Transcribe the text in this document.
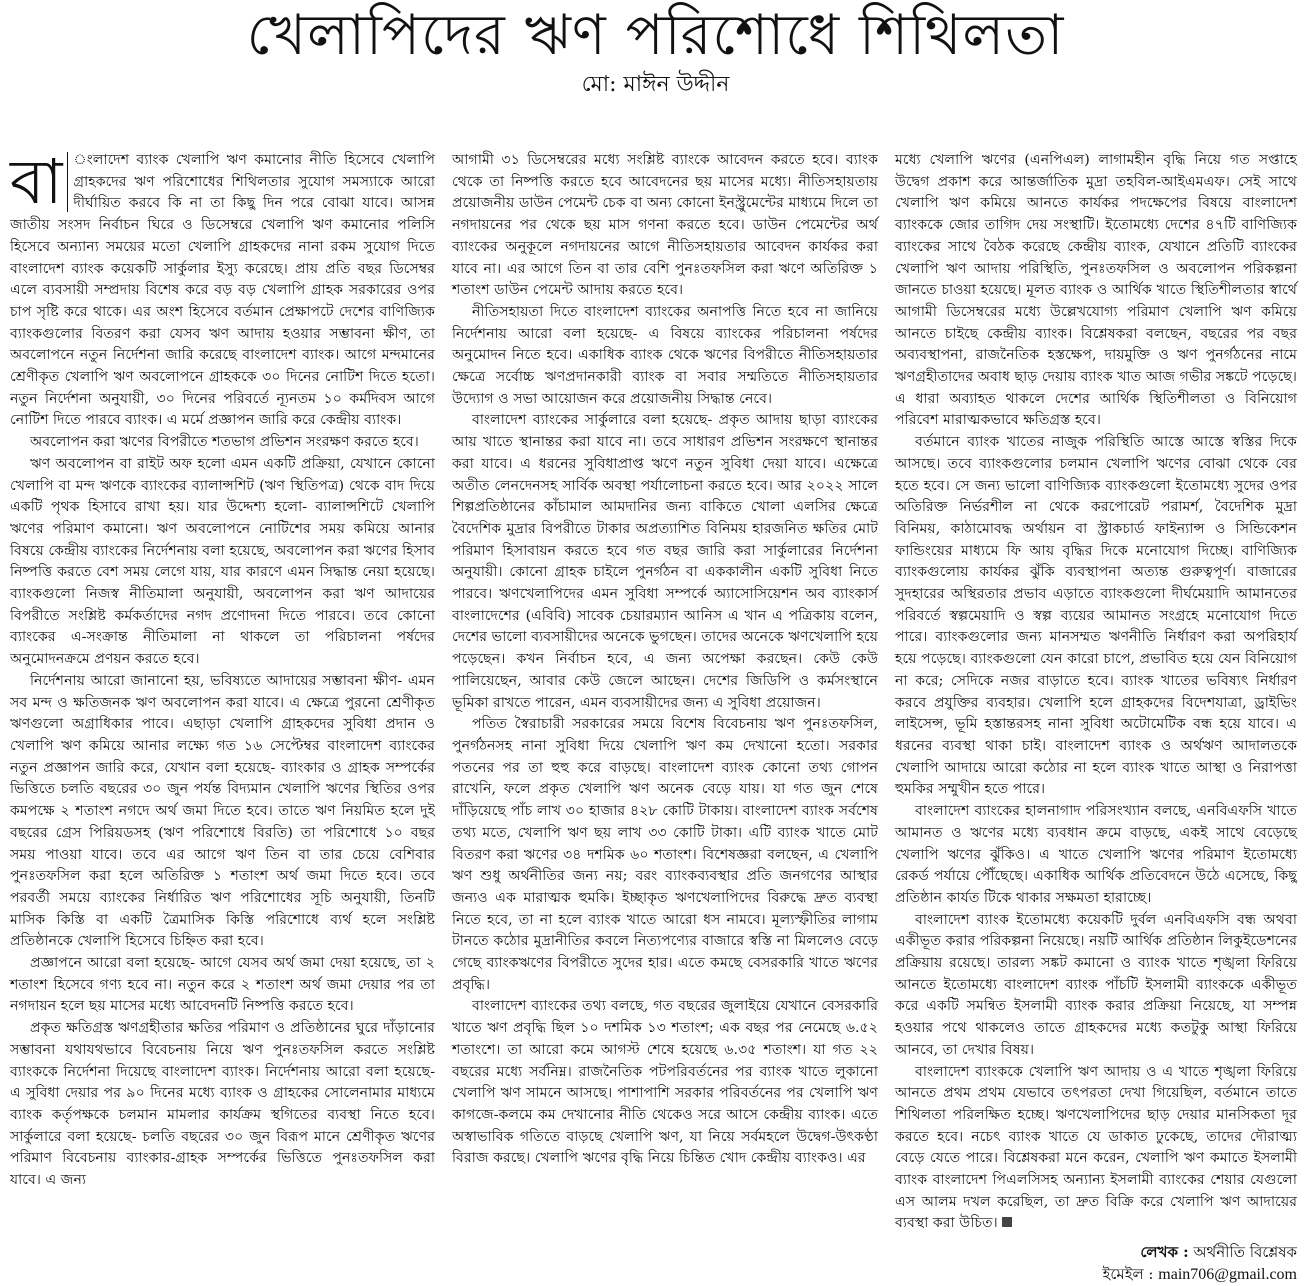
খেলাপিদের ঋণ পরিশোধে শিথিলতা
মো: মাঈন উদ্দীন

বা ংলাদেশ ব্যাংক খেলাপি ঋণ কমানোর নীতি হিসেবে খেলাপি গ্রাহকদের ঋণ পরিশোধের শিথিলতার সুযোগ সমস্যাকে আরো দীর্ঘায়িত করবে কি না তা কিছু দিন পরে বোঝা যাবে। আসন্ন জাতীয় সংসদ নির্বাচন ঘিরে ও ডিসেম্বরে খেলাপি ঋণ কমানোর পলিসি হিসেবে অন্যান্য সময়ের মতো খেলাপি গ্রাহকদের নানা রকম সুযোগ দিতে বাংলাদেশ ব্যাংক কয়েকটি সার্কুলার ইস্যু করেছে। প্রায় প্রতি বছর ডিসেম্বর এলে ব্যবসায়ী সম্প্রদায় বিশেষ করে বড় বড় খেলাপি গ্রাহক সরকারের ওপর চাপ সৃষ্টি করে থাকে। এর অংশ হিসেবে বর্তমান প্রেক্ষাপটে দেশের বাণিজ্যিক ব্যাংকগুলোর বিতরণ করা যেসব ঋণ আদায় হওয়ার সম্ভাবনা ক্ষীণ, তা অবলোপনে নতুন নির্দেশনা জারি করেছে বাংলাদেশ ব্যাংক। আগে মন্দমানের শ্রেণীকৃত খেলাপি ঋণ অবলোপনে গ্রাহককে ৩০ দিনের নোটিশ দিতে হতো। নতুন নির্দেশনা অনুযায়ী, ৩০ দিনের পরিবর্তে ন্যূনতম ১০ কর্মদিবস আগে নোটিশ দিতে পারবে ব্যাংক। এ মর্মে প্রজ্ঞাপন জারি করে কেন্দ্রীয় ব্যাংক।

অবলোপন করা ঋণের বিপরীতে শতভাগ প্রভিশন সংরক্ষণ করতে হবে।

ঋণ অবলোপন বা রাইট অফ হলো এমন একটি প্রক্রিয়া, যেখানে কোনো খেলাপি বা মন্দ ঋণকে ব্যাংকের ব্যালান্সশিট (ঋণ স্থিতিপত্র) থেকে বাদ দিয়ে একটি পৃথক হিসাবে রাখা হয়। যার উদ্দেশ্য হলো- ব্যালান্সশিটে খেলাপি ঋণের পরিমাণ কমানো। ঋণ অবলোপনে নোটিশের সময় কমিয়ে আনার বিষয়ে কেন্দ্রীয় ব্যাংকের নির্দেশনায় বলা হয়েছে, অবলোপন করা ঋণের হিসাব নিষ্পত্তি করতে বেশ সময় লেগে যায়, যার কারণে এমন সিদ্ধান্ত নেয়া হয়েছে। ব্যাংকগুলো নিজস্ব নীতিমালা অনুযায়ী, অবলোপন করা ঋণ আদায়ের বিপরীতে সংশ্লিষ্ট কর্মকর্তাদের নগদ প্রণোদনা দিতে পারবে। তবে কোনো ব্যাংকের এ-সংক্রান্ত নীতিমালা না থাকলে তা পরিচালনা পর্ষদের অনুমোদনক্রমে প্রণয়ন করতে হবে।

নির্দেশনায় আরো জানানো হয়, ভবিষ্যতে আদায়ের সম্ভাবনা ক্ষীণ- এমন সব মন্দ ও ক্ষতিজনক ঋণ অবলোপন করা যাবে। এ ক্ষেত্রে পুরনো শ্রেণীকৃত ঋণগুলো অগ্রাধিকার পাবে। এছাড়া খেলাপি গ্রাহকদের সুবিধা প্রদান ও খেলাপি ঋণ কমিয়ে আনার লক্ষ্যে গত ১৬ সেপ্টেম্বর বাংলাদেশ ব্যাংকের নতুন প্রজ্ঞাপন জারি করে, যেখান বলা হয়েছে- ব্যাংকার ও গ্রাহক সম্পর্কের ভিত্তিতে চলতি বছরের ৩০ জুন পর্যন্ত বিদ্যমান খেলাপি ঋণের স্থিতির ওপর কমপক্ষে ২ শতাংশ নগদে অর্থ জমা দিতে হবে। তাতে ঋণ নিয়মিত হলে দুই বছরের গ্রেস পিরিয়ডসহ (ঋণ পরিশোধে বিরতি) তা পরিশোধে ১০ বছর সময় পাওয়া যাবে। তবে এর আগে ঋণ তিন বা তার চেয়ে বেশিবার পুনঃতফসিল করা হলে অতিরিক্ত ১ শতাংশ অর্থ জমা দিতে হবে। তবে পরবর্তী সময়ে ব্যাংকের নির্ধারিত ঋণ পরিশোধের সূচি অনুযায়ী, তিনটি মাসিক কিস্তি বা একটি ত্রৈমাসিক কিস্তি পরিশোধে ব্যর্থ হলে সংশ্লিষ্ট প্রতিষ্ঠানকে খেলাপি হিসেবে চিহ্নিত করা হবে।

প্রজ্ঞাপনে আরো বলা হয়েছে- আগে যেসব অর্থ জমা দেয়া হয়েছে, তা ২ শতাংশ হিসেবে গণ্য হবে না। নতুন করে ২ শতাংশ অর্থ জমা দেয়ার পর তা নগদায়ন হলে ছয় মাসের মধ্যে আবেদনটি নিষ্পত্তি করতে হবে।

প্রকৃত ক্ষতিগ্রস্ত ঋণগ্রহীতার ক্ষতির পরিমাণ ও প্রতিষ্ঠানের ঘুরে দাঁড়ানোর সম্ভাবনা যথাযথভাবে বিবেচনায় নিয়ে ঋণ পুনঃতফসিল করতে সংশ্লিষ্ট ব্যাংককে নির্দেশনা দিয়েছে বাংলাদেশ ব্যাংক। নির্দেশনায় আরো বলা হয়েছে- এ সুবিধা দেয়ার পর ৯০ দিনের মধ্যে ব্যাংক ও গ্রাহকের সোলেনামার মাধ্যমে ব্যাংক কর্তৃপক্ষকে চলমান মামলার কার্যক্রম স্থগিতের ব্যবস্থা নিতে হবে। সার্কুলারে বলা হয়েছে- চলতি বছরের ৩০ জুন বিরূপ মানে শ্রেণীকৃত ঋণের পরিমাণ বিবেচনায় ব্যাংকার-গ্রাহক সম্পর্কের ভিত্তিতে পুনঃতফসিল করা যাবে। এ জন্য

আগামী ৩১ ডিসেম্বরের মধ্যে সংশ্লিষ্ট ব্যাংকে আবেদন করতে হবে। ব্যাংক থেকে তা নিষ্পত্তি করতে হবে আবেদনের ছয় মাসের মধ্যে। নীতিসহায়তায় প্রয়োজনীয় ডাউন পেমেন্ট চেক বা অন্য কোনো ইনস্ট্রুমেন্টের মাধ্যমে দিলে তা নগদায়নের পর থেকে ছয় মাস গণনা করতে হবে। ডাউন পেমেন্টের অর্থ ব্যাংকের অনুকূলে নগদায়নের আগে নীতিসহায়তার আবেদন কার্যকর করা যাবে না। এর আগে তিন বা তার বেশি পুনঃতফসিল করা ঋণে অতিরিক্ত ১ শতাংশ ডাউন পেমেন্ট আদায় করতে হবে।

নীতিসহায়তা দিতে বাংলাদেশ ব্যাংকের অনাপত্তি নিতে হবে না জানিয়ে নির্দেশনায় আরো বলা হয়েছে- এ বিষয়ে ব্যাংকের পরিচালনা পর্ষদের অনুমোদন নিতে হবে। একাধিক ব্যাংক থেকে ঋণের বিপরীতে নীতিসহায়তার ক্ষেত্রে সর্বোচ্চ ঋণপ্রদানকারী ব্যাংক বা সবার সম্মতিতে নীতিসহায়তার উদ্যোগ ও সভা আয়োজন করে প্রয়োজনীয় সিদ্ধান্ত নেবে।

বাংলাদেশ ব্যাংকের সার্কুলারে বলা হয়েছে- প্রকৃত আদায় ছাড়া ব্যাংকের আয় খাতে স্থানান্তর করা যাবে না। তবে সাধারণ প্রভিশন সংরক্ষণে স্থানান্তর করা যাবে। এ ধরনের সুবিধাপ্রাপ্ত ঋণে নতুন সুবিধা দেয়া যাবে। এক্ষেত্রে অতীত লেনদেনসহ সার্বিক অবস্থা পর্যালোচনা করতে হবে। আর ২০২২ সালে শিল্পপ্রতিষ্ঠানের কাঁচামাল আমদানির জন্য বাকিতে খোলা এলসির ক্ষেত্রে বৈদেশিক মুদ্রার বিপরীতে টাকার অপ্রত্যাশিত বিনিময় হারজনিত ক্ষতির মোট পরিমাণ হিসাবায়ন করতে হবে গত বছর জারি করা সার্কুলারের নির্দেশনা অনুযায়ী। কোনো গ্রাহক চাইলে পুনর্গঠন বা এককালীন একটি সুবিধা নিতে পারবে। ঋণখেলাপিদের এমন সুবিধা সম্পর্কে অ্যাসোসিয়েশন অব ব্যাংকার্স বাংলাদেশের (এবিবি) সাবেক চেয়ারম্যান আনিস এ খান এ পত্রিকায় বলেন, দেশের ভালো ব্যবসায়ীদের অনেকে ভুগছেন। তাদের অনেকে ঋণখেলাপি হয়ে পড়েছেন। কখন নির্বাচন হবে, এ জন্য অপেক্ষা করছেন। কেউ কেউ পালিয়েছেন, আবার কেউ জেলে আছেন। দেশের জিডিপি ও কর্মসংস্থানে ভূমিকা রাখতে পারেন, এমন ব্যবসায়ীদের জন্য এ সুবিধা প্রয়োজন।

পতিত স্বৈরাচারী সরকারের সময়ে বিশেষ বিবেচনায় ঋণ পুনঃতফসিল, পুনর্গঠনসহ নানা সুবিধা দিয়ে খেলাপি ঋণ কম দেখানো হতো। সরকার পতনের পর তা হুহু করে বাড়ছে। বাংলাদেশ ব্যাংক কোনো তথ্য গোপন রাখেনি, ফলে প্রকৃত খেলাপি ঋণ অনেক বেড়ে যায়। যা গত জুন শেষে দাঁড়িয়েছে পাঁচ লাখ ৩০ হাজার ৪২৮ কোটি টাকায়। বাংলাদেশ ব্যাংক সর্বশেষ তথ্য মতে, খেলাপি ঋণ ছয় লাখ ৩৩ কোটি টাকা। এটি ব্যাংক খাতে মোট বিতরণ করা ঋণের ৩৪ দশমিক ৬০ শতাংশ। বিশেষজ্ঞরা বলছেন, এ খেলাপি ঋণ শুধু অর্থনীতির জন্য নয়; বরং ব্যাংকব্যবস্থার প্রতি জনগণের আস্থার জন্যও এক মারাত্মক হুমকি। ইচ্ছাকৃত ঋণখেলাপিদের বিরুদ্ধে দ্রুত ব্যবস্থা নিতে হবে, তা না হলে ব্যাংক খাতে আরো ধস নামবে। মূল্যস্ফীতির লাগাম টানতে কঠোর মুদ্রানীতির কবলে নিত্যপণ্যের বাজারে স্বস্তি না মিললেও বেড়ে গেছে ব্যাংকঋণের বিপরীতে সুদের হার। এতে কমছে বেসরকারি খাতে ঋণের প্রবৃদ্ধি।

বাংলাদেশ ব্যাংকের তথ্য বলছে, গত বছরের জুলাইয়ে যেখানে বেসরকারি খাতে ঋণ প্রবৃদ্ধি ছিল ১০ দশমিক ১৩ শতাংশ; এক বছর পর নেমেছে ৬.৫২ শতাংশে। তা আরো কমে আগস্ট শেষে হয়েছে ৬.৩৫ শতাংশ। যা গত ২২ বছরের মধ্যে সর্বনিম্ন। রাজনৈতিক পটপরিবর্তনের পর ব্যাংক খাতে লুকানো খেলাপি ঋণ সামনে আসছে। পাশাপাশি সরকার পরিবর্তনের পর খেলাপি ঋণ কাগজে-কলমে কম দেখানোর নীতি থেকেও সরে আসে কেন্দ্রীয় ব্যাংক। এতে অস্বাভাবিক গতিতে বাড়ছে খেলাপি ঋণ, যা নিয়ে সর্বমহলে উদ্বেগ-উৎকণ্ঠা বিরাজ করছে। খেলাপি ঋণের বৃদ্ধি নিয়ে চিন্তিত খোদ কেন্দ্রীয় ব্যাংকও। এর

মধ্যে খেলাপি ঋণের (এনপিএল) লাগামহীন বৃদ্ধি নিয়ে গত সপ্তাহে উদ্বেগ প্রকাশ করে আন্তর্জাতিক মুদ্রা তহবিল-আইএমএফ। সেই সাথে খেলাপি ঋণ কমিয়ে আনতে কার্যকর পদক্ষেপের বিষয়ে বাংলাদেশ ব্যাংককে জোর তাগিদ দেয় সংস্থাটি। ইতোমধ্যে দেশের ৪৭টি বাণিজ্যিক ব্যাংকের সাথে বৈঠক করেছে কেন্দ্রীয় ব্যাংক, যেখানে প্রতিটি ব্যাংকের খেলাপি ঋণ আদায় পরিস্থিতি, পুনঃতফসিল ও অবলোপন পরিকল্পনা জানতে চাওয়া হয়েছে। মূলত ব্যাংক ও আর্থিক খাতে স্থিতিশীলতার স্বার্থে আগামী ডিসেম্বরের মধ্যে উল্লেখযোগ্য পরিমাণ খেলাপি ঋণ কমিয়ে আনতে চাইছে কেন্দ্রীয় ব্যাংক। বিশ্লেষকরা বলছেন, বছরের পর বছর অব্যবস্থাপনা, রাজনৈতিক হস্তক্ষেপ, দায়মুক্তি ও ঋণ পুনর্গঠনের নামে ঋণগ্রহীতাদের অবাধ ছাড় দেয়ায় ব্যাংক খাত আজ গভীর সঙ্কটে পড়েছে। এ ধারা অব্যাহত থাকলে দেশের আর্থিক স্থিতিশীলতা ও বিনিয়োগ পরিবেশ মারাত্মকভাবে ক্ষতিগ্রস্ত হবে।

বর্তমানে ব্যাংক খাতের নাজুক পরিস্থিতি আস্তে আস্তে স্বস্তির দিকে আসছে। তবে ব্যাংকগুলোর চলমান খেলাপি ঋণের বোঝা থেকে বের হতে হবে। সে জন্য ভালো বাণিজ্যিক ব্যাংকগুলো ইতোমধ্যে সুদের ওপর অতিরিক্ত নির্ভরশীল না থেকে করপোরেট পরামর্শ, বৈদেশিক মুদ্রা বিনিময়, কাঠামোবদ্ধ অর্থায়ন বা স্ট্রাকচার্ড ফাইন্যান্স ও সিন্ডিকেশন ফান্ডিংয়ের মাধ্যমে ফি আয় বৃদ্ধির দিকে মনোযোগ দিচ্ছে। বাণিজ্যিক ব্যাংকগুলোয় কার্যকর ঝুঁকি ব্যবস্থাপনা অত্যন্ত গুরুত্বপূর্ণ। বাজারের সুদহারের অস্থিরতার প্রভাব এড়াতে ব্যাংকগুলো দীর্ঘমেয়াদি আমানতের পরিবর্তে স্বল্পমেয়াদি ও স্বল্প ব্যয়ের আমানত সংগ্রহে মনোযোগ দিতে পারে। ব্যাংকগুলোর জন্য মানসম্মত ঋণনীতি নির্ধারণ করা অপরিহার্য হয়ে পড়েছে। ব্যাংকগুলো যেন কারো চাপে, প্রভাবিত হয়ে যেন বিনিয়োগ না করে; সেদিকে নজর বাড়াতে হবে। ব্যাংক খাতের ভবিষ্যৎ নির্ধারণ করবে প্রযুক্তির ব্যবহার। খেলাপি হলে গ্রাহকদের বিদেশযাত্রা, ড্রাইভিং লাইসেন্স, ভূমি হস্তান্তরসহ নানা সুবিধা অটোমেটিক বন্ধ হয়ে যাবে। এ ধরনের ব্যবস্থা থাকা চাই। বাংলাদেশ ব্যাংক ও অর্থঋণ আদালতকে খেলাপি আদায়ে আরো কঠোর না হলে ব্যাংক খাতে আস্থা ও নিরাপত্তা হুমকির সম্মুখীন হতে পারে।

বাংলাদেশ ব্যাংকের হালনাগাদ পরিসংখ্যান বলছে, এনবিএফসি খাতে আমানত ও ঋণের মধ্যে ব্যবধান ক্রমে বাড়ছে, একই সাথে বেড়েছে খেলাপি ঋণের ঝুঁকিও। এ খাতে খেলাপি ঋণের পরিমাণ ইতোমধ্যে রেকর্ড পর্যায়ে পৌঁছেছে। একাধিক আর্থিক প্রতিবেদনে উঠে এসেছে, কিছু প্রতিষ্ঠান কার্যত টিকে থাকার সক্ষমতা হারাচ্ছে।

বাংলাদেশ ব্যাংক ইতোমধ্যে কয়েকটি দুর্বল এনবিএফসি বন্ধ অথবা একীভূত করার পরিকল্পনা নিয়েছে। নয়টি আর্থিক প্রতিষ্ঠান লিকুইডেশনের প্রক্রিয়ায় রয়েছে। তারল্য সঙ্কট কমানো ও ব্যাংক খাতে শৃঙ্খলা ফিরিয়ে আনতে ইতোমধ্যে বাংলাদেশ ব্যাংক পাঁচটি ইসলামী ব্যাংককে একীভূত করে একটি সমন্বিত ইসলামী ব্যাংক করার প্রক্রিয়া নিয়েছে, যা সম্পন্ন হওয়ার পথে থাকলেও তাতে গ্রাহকদের মধ্যে কতটুকু আস্থা ফিরিয়ে আনবে, তা দেখার বিষয়।

বাংলাদেশ ব্যাংককে খেলাপি ঋণ আদায় ও এ খাতে শৃঙ্খলা ফিরিয়ে আনতে প্রথম প্রথম যেভাবে তৎপরতা দেখা গিয়েছিল, বর্তমানে তাতে শিথিলতা পরিলক্ষিত হচ্ছে। ঋণখেলাপিদের ছাড় দেয়ার মানসিকতা দূর করতে হবে। নচেৎ ব্যাংক খাতে যে ডাকাত ঢুকেছে, তাদের দৌরাত্ম্য বেড়ে যেতে পারে। বিশ্লেষকরা মনে করেন, খেলাপি ঋণ কমাতে ইসলামী ব্যাংক বাংলাদেশ পিএলসিসহ অন্যান্য ইসলামী ব্যাংকের শেয়ার যেগুলো এস আলম দখল করেছিল, তা দ্রুত বিক্রি করে খেলাপি ঋণ আদায়ের ব্যবস্থা করা উচিত।

লেখক : অর্থনীতি বিশ্লেষক
ইমেইল : main706@gmail.com
